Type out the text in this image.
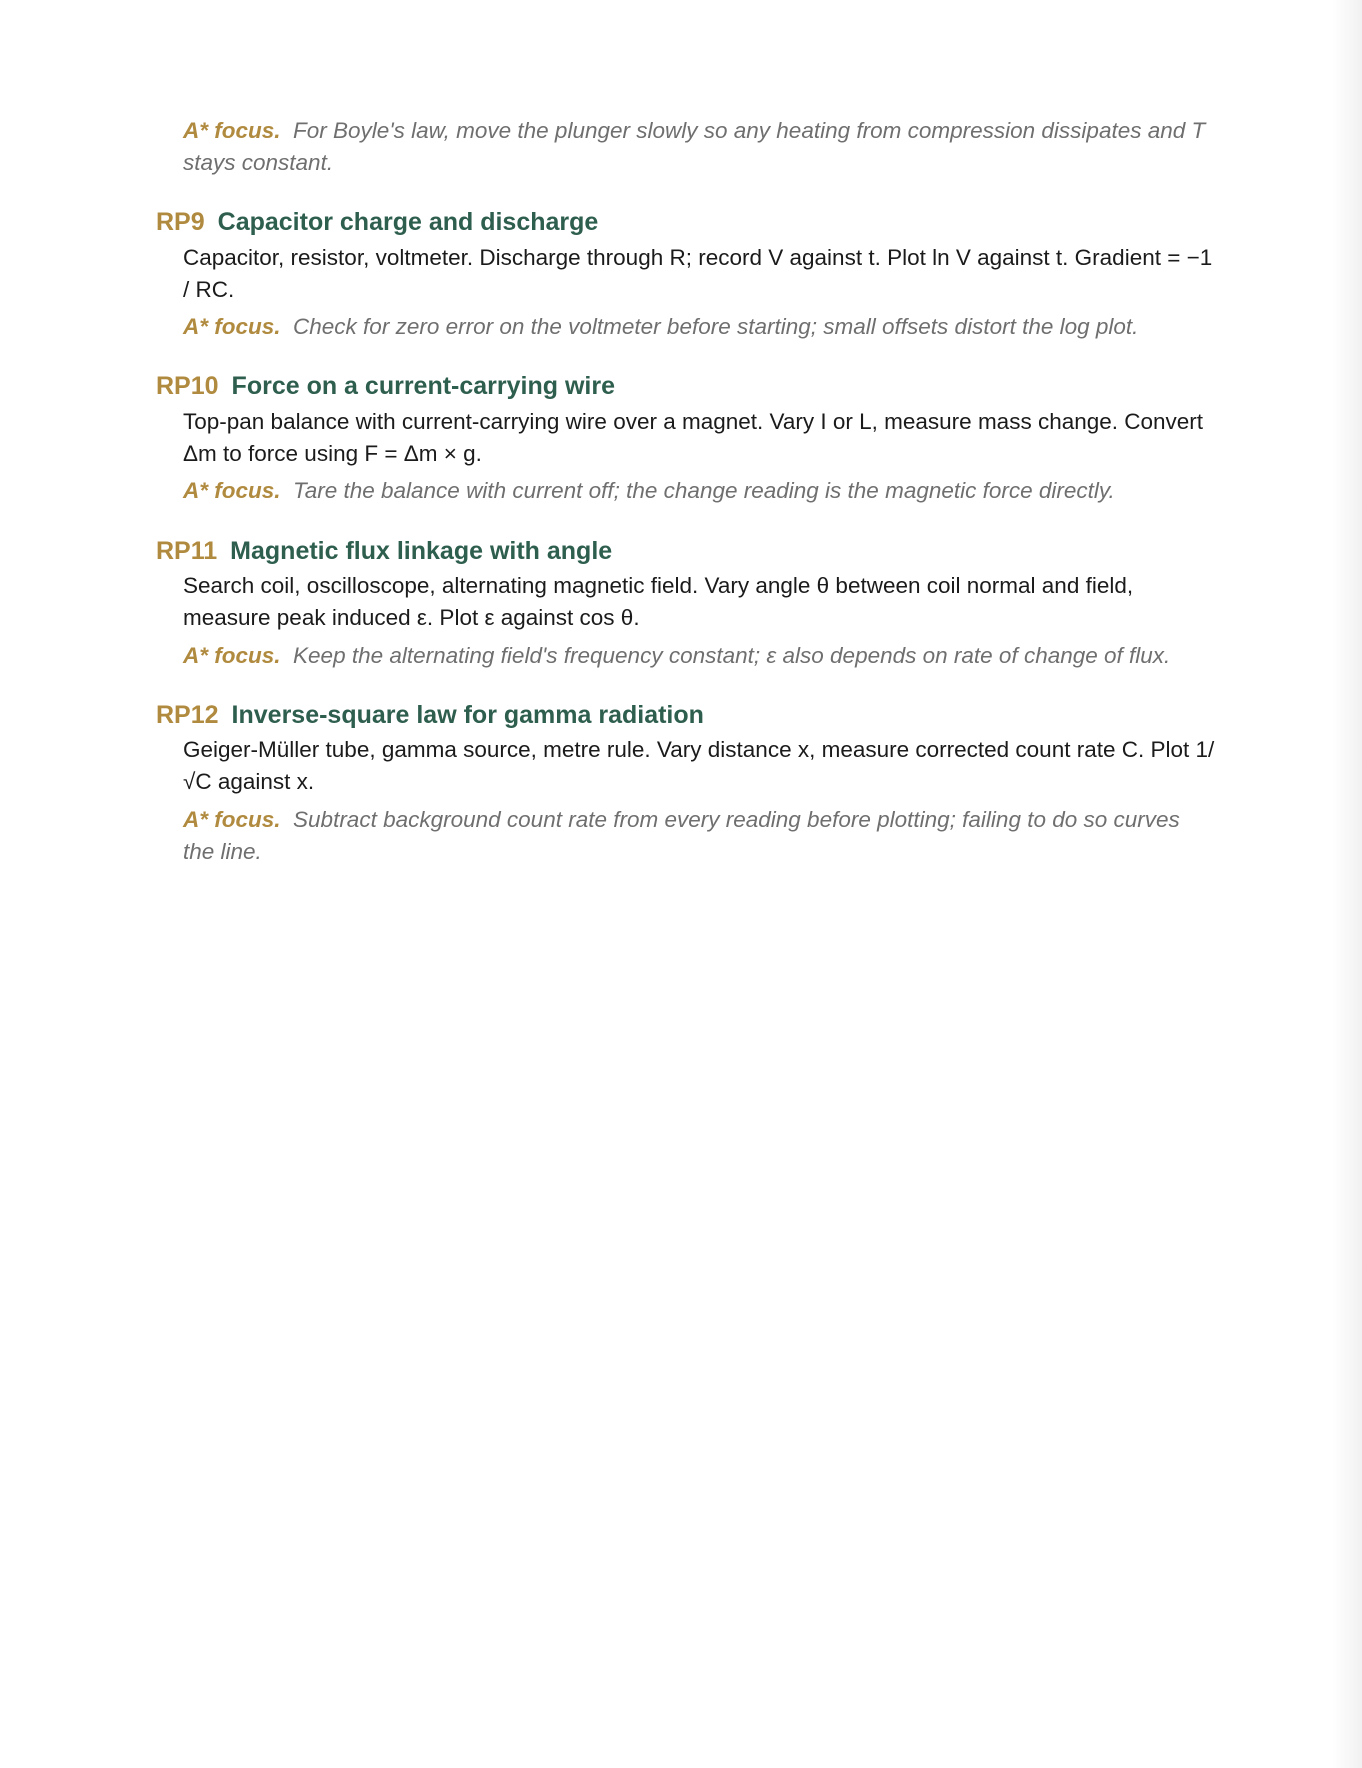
A* focus. For Boyle's law, move the plunger slowly so any heating from compression dissipates and T stays constant.
RP9 Capacitor charge and discharge
Capacitor, resistor, voltmeter. Discharge through R; record V against t. Plot ln V against t. Gradient = −1 / RC.
A* focus. Check for zero error on the voltmeter before starting; small offsets distort the log plot.
RP10 Force on a current-carrying wire
Top-pan balance with current-carrying wire over a magnet. Vary I or L, measure mass change. Convert Δm to force using F = Δm × g.
A* focus. Tare the balance with current off; the change reading is the magnetic force directly.
RP11 Magnetic flux linkage with angle
Search coil, oscilloscope, alternating magnetic field. Vary angle θ between coil normal and field, measure peak induced ε. Plot ε against cos θ.
A* focus. Keep the alternating field's frequency constant; ε also depends on rate of change of flux.
RP12 Inverse-square law for gamma radiation
Geiger-Müller tube, gamma source, metre rule. Vary distance x, measure corrected count rate C. Plot 1/√C against x.
A* focus. Subtract background count rate from every reading before plotting; failing to do so curves the line.
